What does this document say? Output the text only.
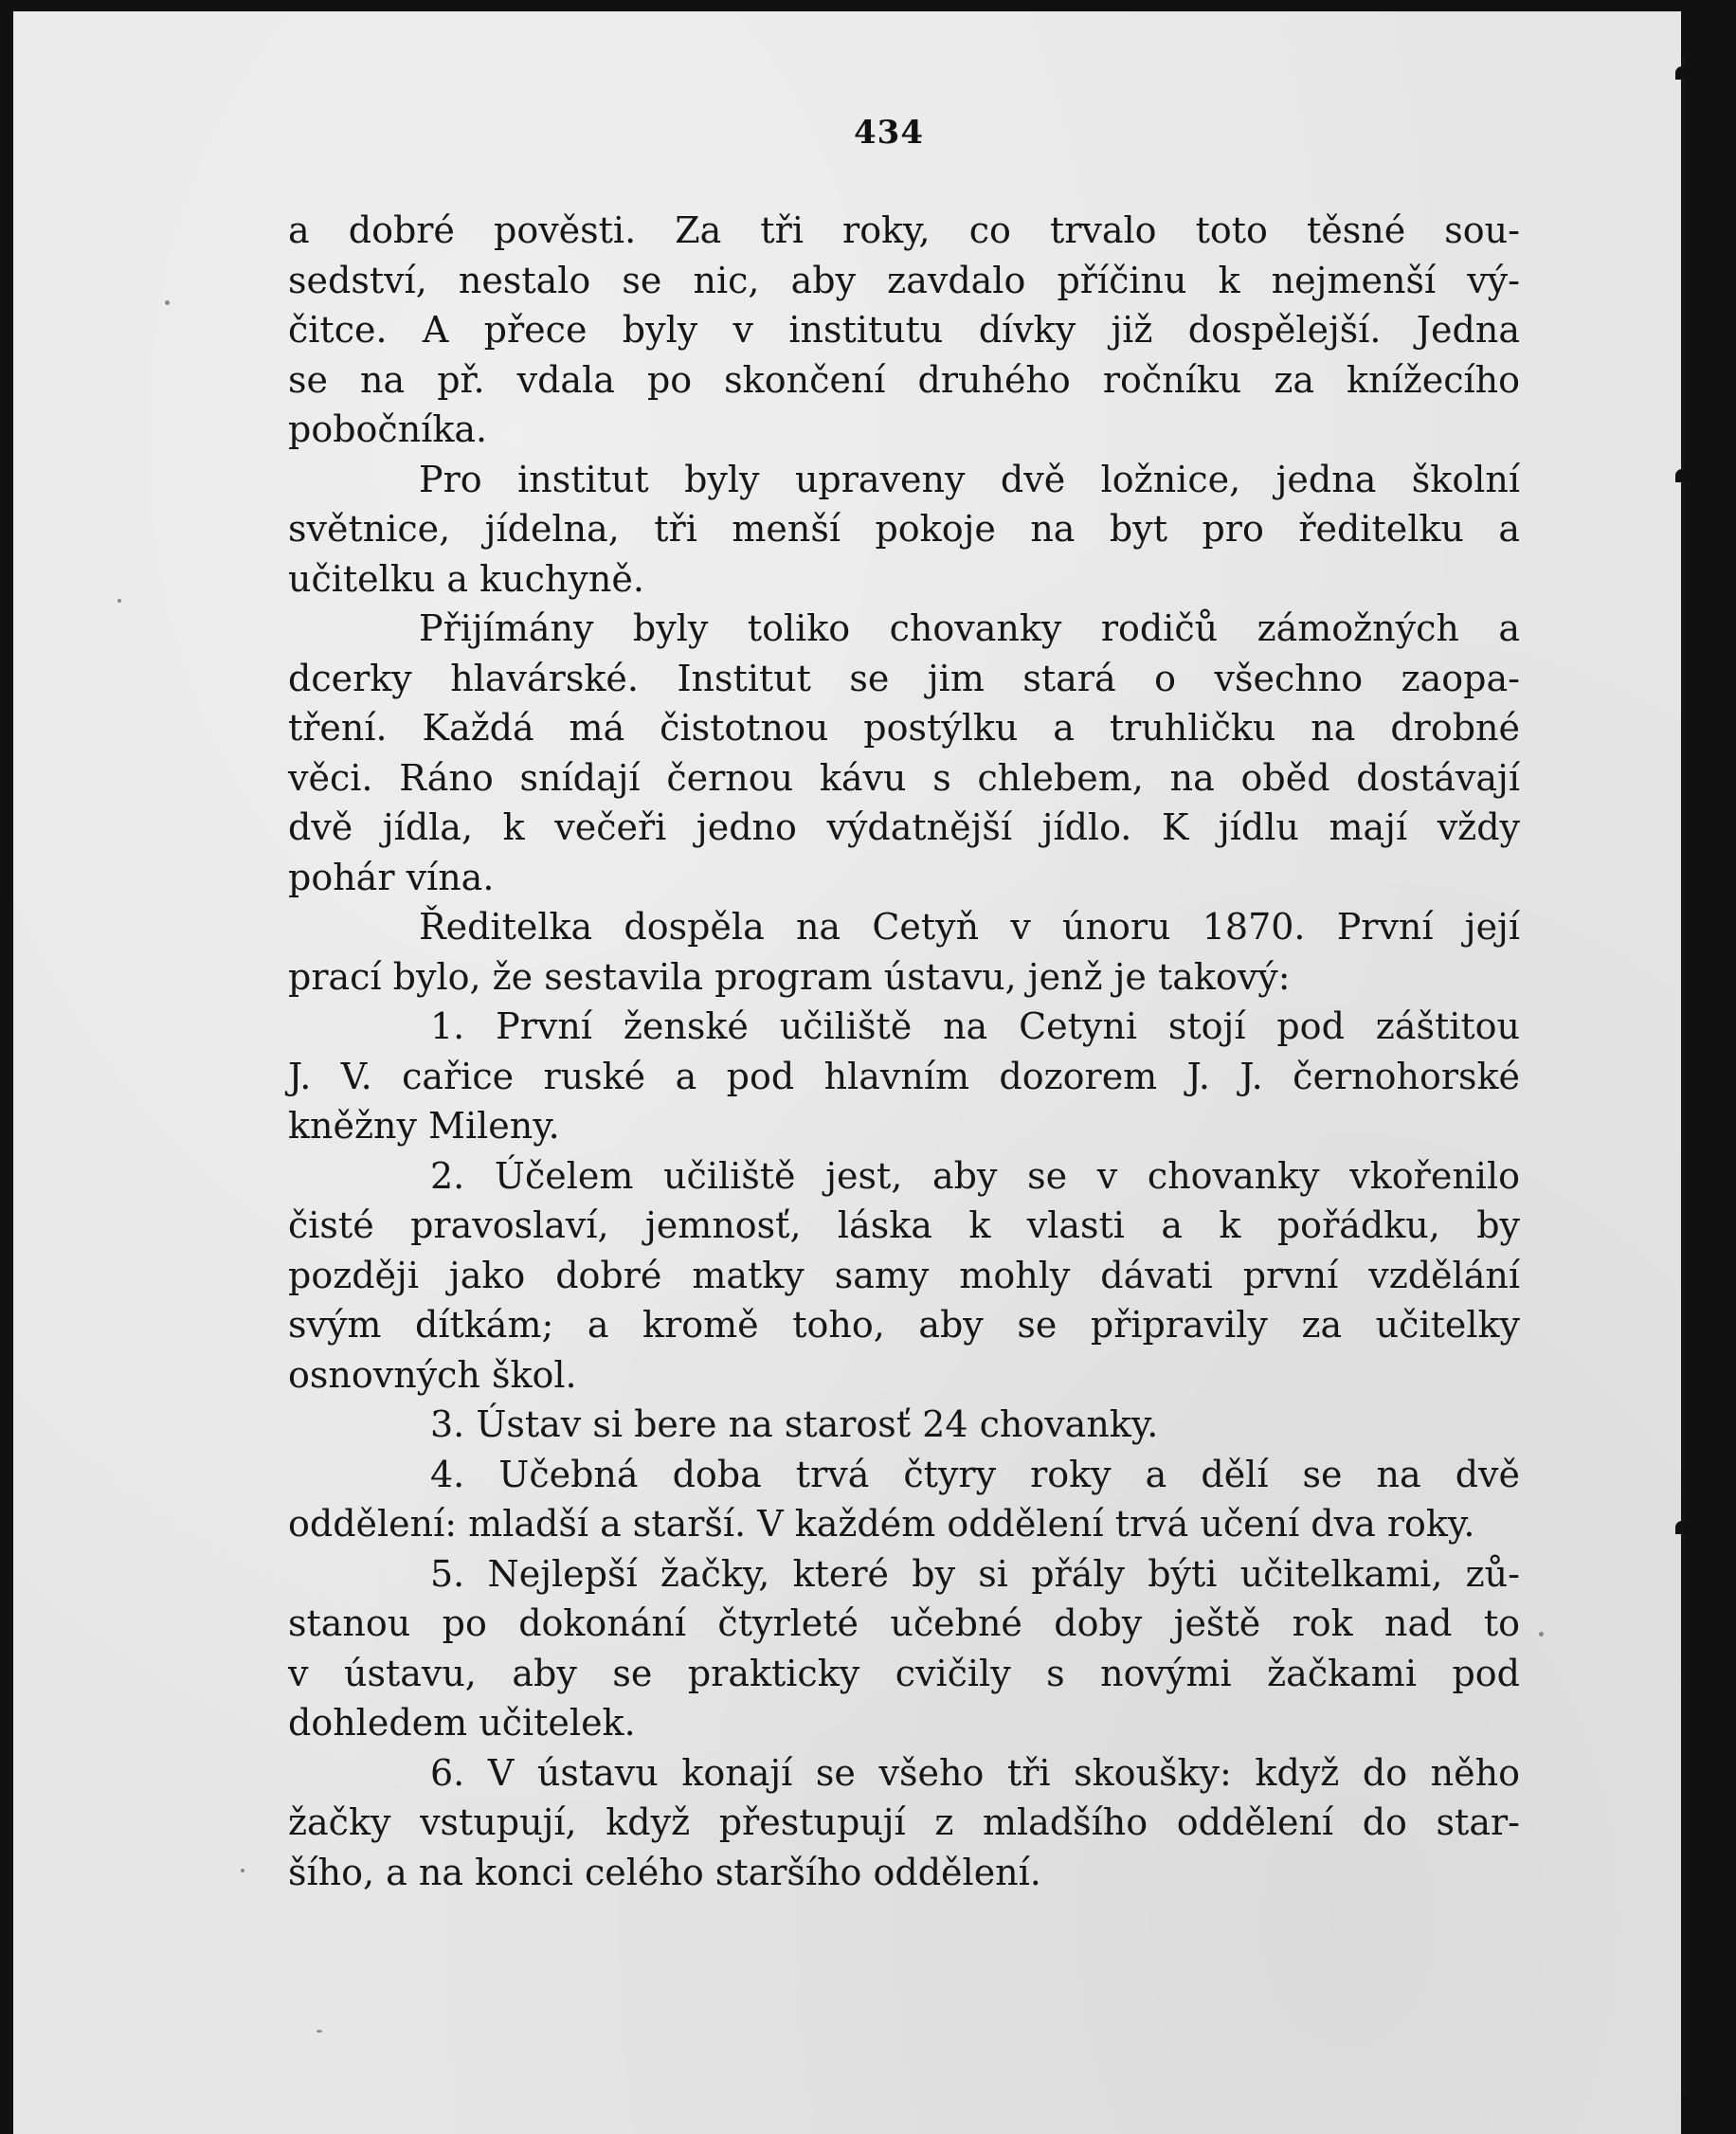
434

a dobré pověsti. Za tři roky, co trvalo toto těsné sou-
sedství, nestalo se nic, aby zavdalo příčinu k nejmenší vý-
čitce. A přece byly v institutu dívky již dospělejší. Jedna
se na př. vdala po skončení druhého ročníku za knížecího
pobočníka.

Pro institut byly upraveny dvě ložnice, jedna školní
světnice, jídelna, tři menší pokoje na byt pro ředitelku a
učitelku a kuchyně.

Přijímány byly toliko chovanky rodičů zámožných a
dcerky hlavárské. Institut se jim stará o všechno zaopa-
tření. Každá má čistotnou postýlku a truhličku na drobné
věci. Ráno snídají černou kávu s chlebem, na oběd dostávají
dvě jídla, k večeři jedno výdatnější jídlo. K jídlu mají vždy
pohár vína.

Ředitelka dospěla na Cetyň v únoru 1870. První její
prací bylo, že sestavila program ústavu, jenž je takový:

1. První ženské učiliště na Cetyni stojí pod záštitou
J. V. cařice ruské a pod hlavním dozorem J. J. černohorské
kněžny Mileny.

2. Účelem učiliště jest, aby se v chovanky vkořenilo
čisté pravoslaví, jemnosť, láska k vlasti a k pořádku, by
později jako dobré matky samy mohly dávati první vzdělání
svým dítkám; a kromě toho, aby se připravily za učitelky
osnovných škol.

3. Ústav si bere na starosť 24 chovanky.

4. Učebná doba trvá čtyry roky a dělí se na dvě
oddělení: mladší a starší. V každém oddělení trvá učení dva roky.

5. Nejlepší žačky, které by si přály býti učitelkami, zů-
stanou po dokonání čtyrleté učebné doby ještě rok nad to
v ústavu, aby se prakticky cvičily s novými žačkami pod
dohledem učitelek.

6. V ústavu konají se všeho tři skoušky: když do něho
žačky vstupují, když přestupují z mladšího oddělení do star-
šího, a na konci celého staršího oddělení.
